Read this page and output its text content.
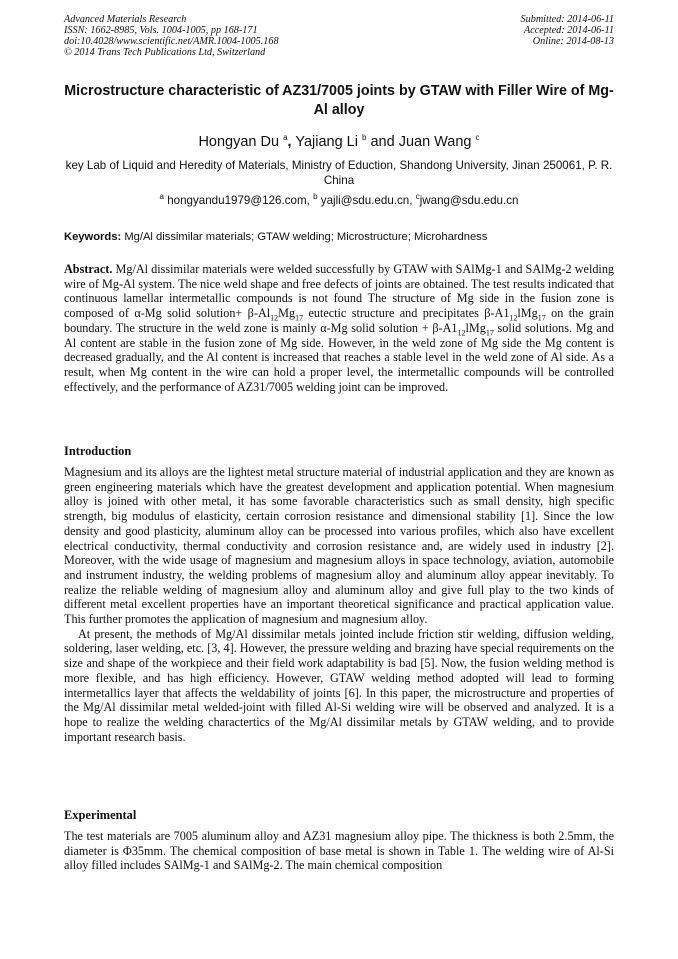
Advanced Materials Research
ISSN: 1662-8985, Vols. 1004-1005, pp 168-171
doi:10.4028/www.scientific.net/AMR.1004-1005.168
© 2014 Trans Tech Publications Ltd, Switzerland
Submitted: 2014-06-11
Accepted: 2014-06-11
Online: 2014-08-13
Microstructure characteristic of AZ31/7005 joints by GTAW with Filler Wire of Mg-Al alloy
Hongyan Du $^a$, Yajiang Li $^b$ and Juan Wang $^c$
key Lab of Liquid and Heredity of Materials, Ministry of Eduction, Shandong University, Jinan 250061, P. R. China
$^a$ hongyandu1979@126.com, $^b$ yajli@sdu.edu.cn, $^c$jwang@sdu.edu.cn
Keywords: Mg/Al dissimilar materials; GTAW welding; Microstructure; Microhardness

Abstract. Mg/Al dissimilar materials were welded successfully by GTAW with SAlMg-1 and SAlMg-2 welding wire of Mg-Al system. The nice weld shape and free defects of joints are obtained. The test results indicated that continuous lamellar intermetallic compounds is not found The structure of Mg side in the fusion zone is composed of α-Mg solid solution+ $\beta-Al_{12}Mg_{17}$ eutectic structure and precipitates $\beta-A1_{12}lMg_{17}$ on the grain boundary. The structure in the weld zone is mainly α-Mg solid solution + $\beta-A1_{12}lMg_{17}$ solid solutions. Mg and Al content are stable in the fusion zone of Mg side. However, in the weld zone of Mg side the Mg content is decreased gradually, and the Al content is increased that reaches a stable level in the weld zone of Al side. As a result, when Mg content in the wire can hold a proper level, the intermetallic compounds will be controlled effectively, and the performance of AZ31/7005 welding joint can be improved.

Introduction

Magnesium and its alloys are the lightest metal structure material of industrial application and they are known as green engineering materials which have the greatest development and application potential. When magnesium alloy is joined with other metal, it has some favorable characteristics such as small density, high specific strength, big modulus of elasticity, certain corrosion resistance and dimensional stability [1]. Since the low density and good plasticity, aluminum alloy can be processed into various profiles, which also have excellent electrical conductivity, thermal conductivity and corrosion resistance and, are widely used in industry [2]. Moreover, with the wide usage of magnesium and magnesium alloys in space technology, aviation, automobile and instrument industry, the welding problems of magnesium alloy and aluminum alloy appear inevitably. To realize the reliable welding of magnesium alloy and aluminum alloy and give full play to the two kinds of different metal excellent properties have an important theoretical significance and practical application value. This further promotes the application of magnesium and magnesium alloy.

At present, the methods of Mg/Al dissimilar metals jointed include friction stir welding, diffusion welding, soldering, laser welding, etc. [3, 4]. However, the pressure welding and brazing have special requirements on the size and shape of the workpiece and their field work adaptability is bad [5]. Now, the fusion welding method is more flexible, and has high efficiency. However, GTAW welding method adopted will lead to forming intermetallics layer that affects the weldability of joints [6]. In this paper, the microstructure and properties of the Mg/Al dissimilar metal welded-joint with filled Al-Si welding wire will be observed and analyzed. It is a hope to realize the welding charactertics of the Mg/Al dissimilar metals by GTAW welding, and to provide important research basis.

Experimental

The test materials are 7005 aluminum alloy and AZ31 magnesium alloy pipe. The thickness is both 2.5mm, the diameter is Φ35mm. The chemical composition of base metal is shown in Table 1. The welding wire of Al-Si alloy filled includes SAlMg-1 and SAlMg-2. The main chemical composition
